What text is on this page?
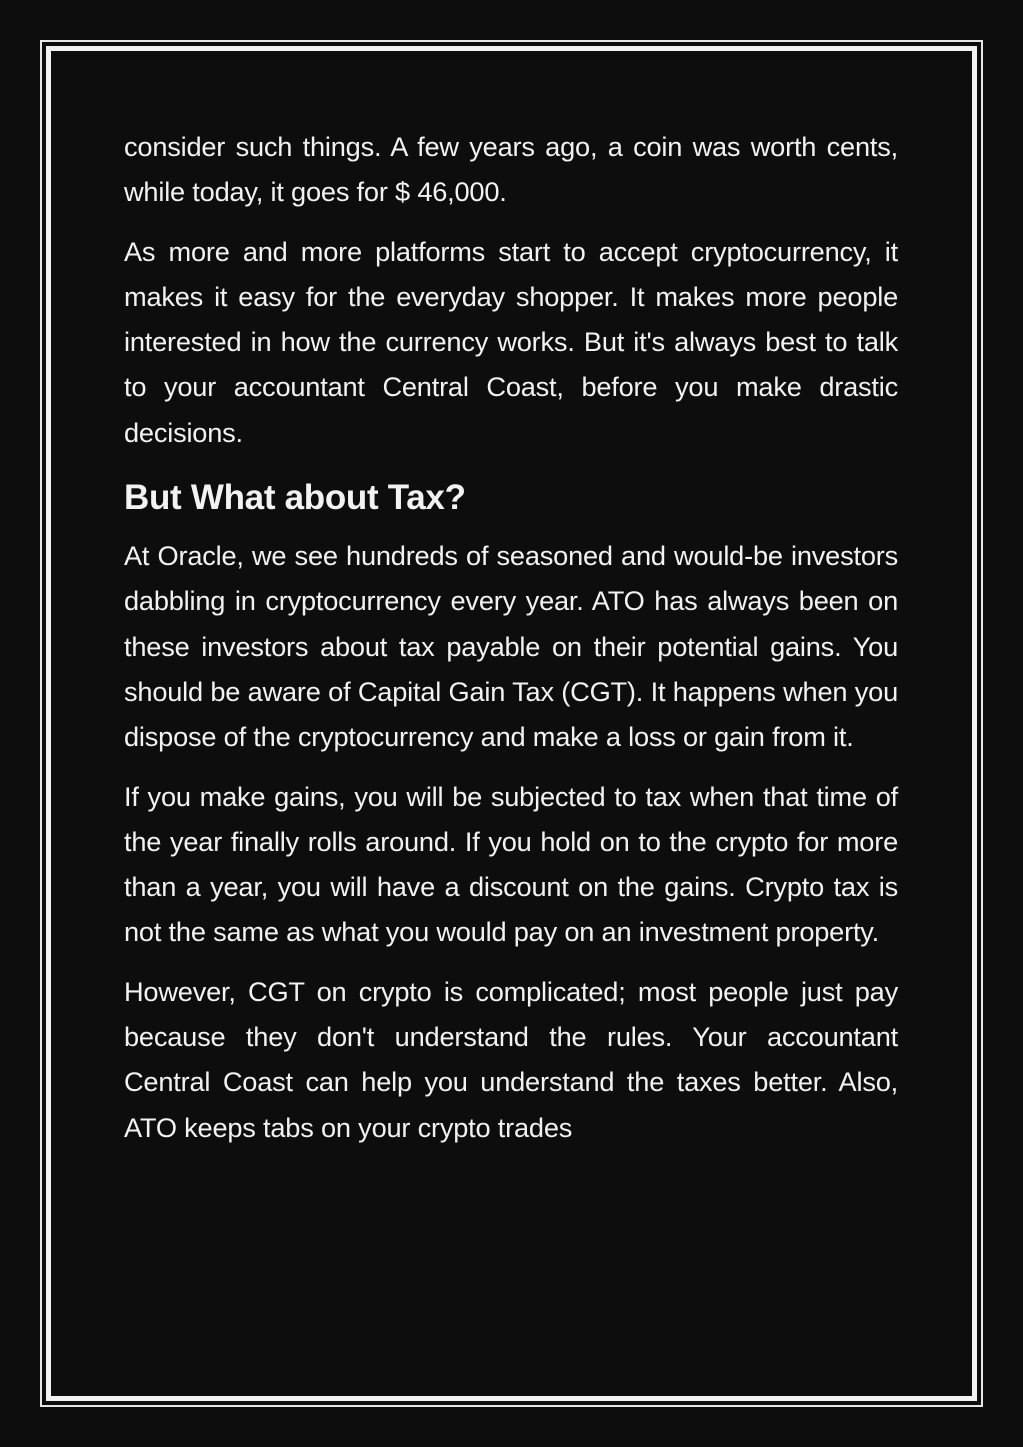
consider such things. A few years ago, a coin was worth cents, while today, it goes for $ 46,000.

As more and more platforms start to accept cryptocurrency, it makes it easy for the everyday shopper. It makes more people interested in how the currency works. But it's always best to talk to your accountant Central Coast, before you make drastic decisions.

But What about Tax?

At Oracle, we see hundreds of seasoned and would-be investors dabbling in cryptocurrency every year. ATO has always been on these investors about tax payable on their potential gains. You should be aware of Capital Gain Tax (CGT). It happens when you dispose of the cryptocurrency and make a loss or gain from it.

If you make gains, you will be subjected to tax when that time of the year finally rolls around. If you hold on to the crypto for more than a year, you will have a discount on the gains. Crypto tax is not the same as what you would pay on an investment property.

However, CGT on crypto is complicated; most people just pay because they don't understand the rules. Your accountant Central Coast can help you understand the taxes better. Also, ATO keeps tabs on your crypto trades
